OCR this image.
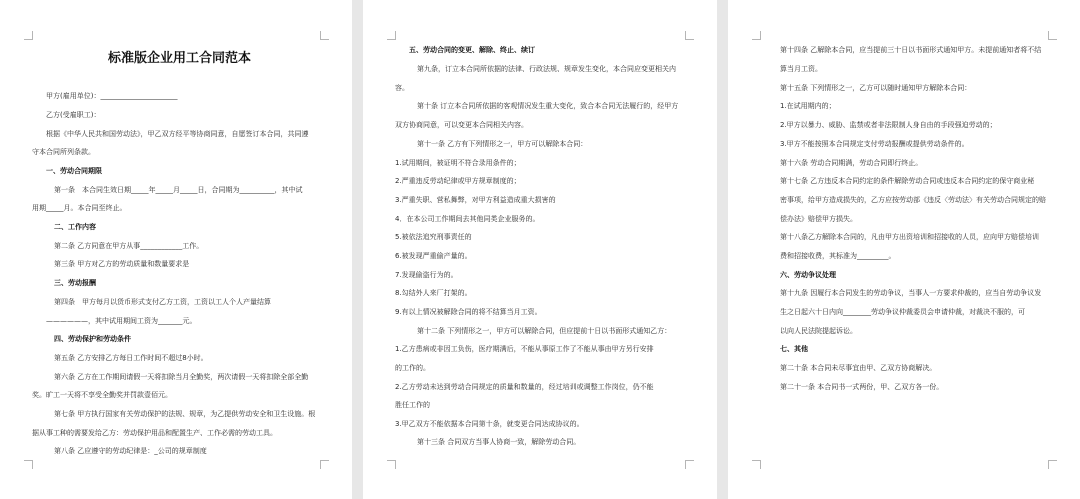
标准版企业用工合同范本
甲方(雇用单位)：______________________
乙方(受雇职工)：
根据《中华人民共和国劳动法》，甲乙双方经平等协商同意，自愿签订本合同，共同遵
守本合同所列条款。
一、劳动合同期限
第一条　本合同生效日期_____年_____月_____日，合同期为__________，其中试
用期_____月。本合同至终止。
二、工作内容
第二条 乙方同意在甲方从事____________工作。
第三条 甲方对乙方的劳动质量和数量要求是
三、劳动报酬
第四条　甲方每月以货币形式支付乙方工资，工资以工人个人产量结算
——————，其中试用期间工资为_______元。
四、劳动保护和劳动条件
第五条 乙方安排乙方每日工作时间不超过8小时。
第六条 乙方在工作期间请假一天将扣除当月全勤奖，两次请假一天将扣除全部全勤
奖。旷工一天将不享受全勤奖并罚款壹佰元。
第七条 甲方执行国家有关劳动保护的法规、规章，为乙提供劳动安全和卫生设施。根
据从事工种的需要发给乙方：劳动保护用品和配置生产、工作必需的劳动工具。
第八条 乙应遵守的劳动纪律是：_公司的规章制度
五、劳动合同的变更、解除、终止、续订
第九条，订立本合同所依据的法律、行政法规、规章发生变化，本合同应变更相关内
容。
第十条 订立本合同所依据的客观情况发生重大变化，致合本合同无法履行的，经甲方
双方协商同意，可以变更本合同相关内容。
第十一条 乙方有下列情形之一，甲方可以解除本合同：
1.试用期间，被证明不符合录用条件的；
2.严重违反劳动纪律或甲方规章制度的；
3.严重失职、营私舞弊，对甲方利益造成重大损害的
4．在本公司工作期间去其他同类企业服务的。
5.被依法追究刑事责任的
6.被发现严重偷产量的。
7.发现偷盗行为的。
8.勾结外人来厂打架的。
9.有以上情况被解除合同的将不结算当月工资。
第十二条 下列情形之一，甲方可以解除合同，但应提前十日以书面形式通知乙方：
1.乙方患病或非因工负伤，医疗期满后，不能从事原工作了不能从事由甲方另行安排
的工作的。
2.乙方劳动未达到劳动合同规定的质量和数量的，经过培训或调整工作岗位，仍不能
胜任工作的
3.甲乙双方不能依据本合同第十条，就变更合同达成协议的。
第十三条 合同双方当事人协商一致，解除劳动合同。
第十四条 乙解除本合同，应当提前三十日以书面形式通知甲方。未提前通知者将不结
算当月工资。
第十五条 下列情形之一，乙方可以随时通知甲方解除本合同：
1.在试用期内的；
2.甲方以暴力、威胁、监禁或者非法限制人身自由的手段强迫劳动的；
3.甲方不能按照本合同规定支付劳动报酬或提供劳动条件的。
第十六条 劳动合同期满，劳动合同即行终止。
第十七条 乙方违反本合同约定的条件解除劳动合同或违反本合同约定的保守商业秘
密事项，给甲方造成损失的，乙方应按劳动部《违反〈劳动法〉有关劳动合同规定的赔
偿办法》赔偿甲方损失。
第十八条乙方解除本合同的，凡由甲方出资培训和招接收的人员，应向甲方赔偿培训
费和招接收费，其标准为_________。
六、劳动争议处理
第十九条 因履行本合同发生的劳动争议，当事人一方要求仲裁的，应当自劳动争议发
生之日起六十日内向________劳动争议仲裁委员会申请仲裁，对裁决不服的，可
以向人民法院提起诉讼。
七、其他
第二十条 本合同未尽事宜由甲、乙双方协商解决。
第二十一条 本合同书一式两份，甲、乙双方各一份。
